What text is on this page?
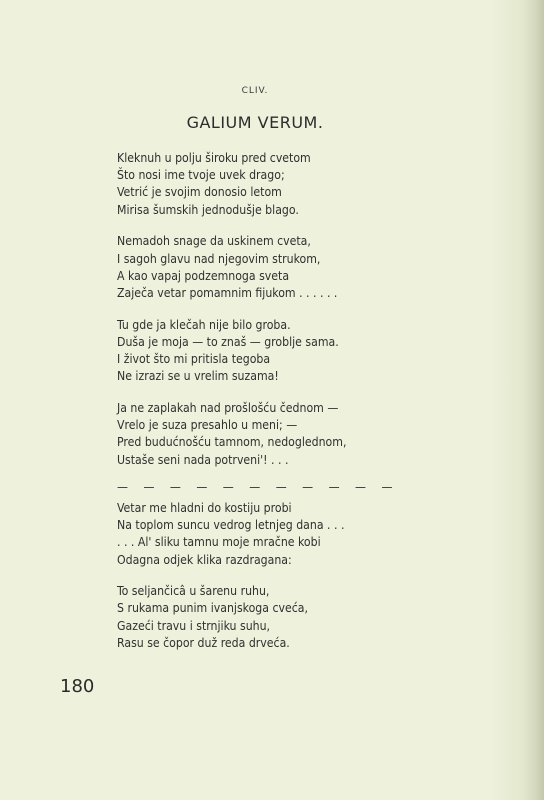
CLIV.
GALIUM VERUM.
Kleknuh u polju široku pred cvetom
Što nosi ime tvoje uvek drago;
Vetrić je svojim donosio letom
Mirisa šumskih jednodušje blago.
Nemadoh snage da uskinem cveta,
I sagoh glavu nad njegovim strukom,
A kao vapaj podzemnoga sveta
Zaječa vetar pomamnim fijukom . . . . . .
Tu gde ja klečah nije bilo groba.
Duša je moja — to znaš — groblje sama.
I život što mi pritisla tegoba
Ne izrazi se u vrelim suzama!
Ja ne zaplakah nad prošlošću čednom —
Vrelo je suza presahlo u meni; —
Pred budućnošću tamnom, nedoglednom,
Ustaše seni nada potrveni'! . . .
— — — — — — — — — — —
Vetar me hladni do kostiju probi
Na toplom suncu vedrog letnjeg dana . . .
. . . Al' sliku tamnu moje mračne kobi
Odagna odjek klika razdragana:
To seljančicâ u šarenu ruhu,
S rukama punim ivanjskoga cveća,
Gazeći travu i strnjiku suhu,
Rasu se čopor duž reda drveća.
180
